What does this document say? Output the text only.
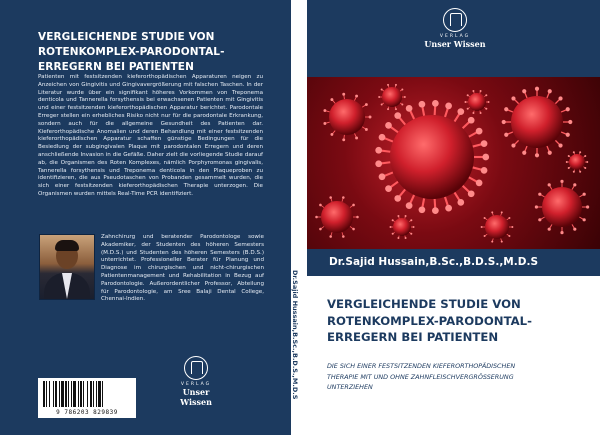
VERGLEICHENDE STUDIE VON
ROTENKOMPLEX-PARODONTAL-
ERREGERN BEI PATIENTEN
Patienten mit festsitzenden kieferorthopädischen Apparaturen neigen zu Anzeichen von Gingivitis und Gingivavergrößerung mit falschen Taschen. In der Literatur wurde über ein signifikant höheres Vorkommen von Treponema denticola und Tannerella forsythensis bei erwachsenen Patienten mit Gingivitis und einer festsitzenden kieferorthopädischen Apparatur berichtet. Parodontale Erreger stellen ein erhebliches Risiko nicht nur für die parodontale Erkrankung, sondern auch für die allgemeine Gesundheit des Patienten dar. Kieferorthopädische Anomalien und deren Behandlung mit einer festsitzenden kieferorthopädischen Apparatur schaffen günstige Bedingungen für die Besiedlung der subgingivalen Plaque mit parodontalen Erregern und deren anschließende Invasion in die Gefäße. Daher zielt die vorliegende Studie darauf ab, die Organismen des Roten Komplexes, nämlich Porphyromonas gingivalis, Tannerella forsythensis und Treponema denticola in den Plaqueproben zu identifizieren, die aus Pseudotaschen von Probanden gesammelt wurden, die sich einer festsitzenden kieferorthopädischen Therapie unterzogen. Die Organismen wurden mittels Real-Time PCR identifiziert.
Zahnchirurg und beratender Parodontologe sowie Akademiker, der Studenten des höheren Semesters (M.D.S.) und Studenten des höheren Semesters (B.D.S.) unterrichtet. Professioneller Berater für Planung und Diagnose im chirurgischen und nicht-chirurgischen Patientenmanagement und Rehabilitation in Bezug auf Parodontologie. Außerordentlicher Professor, Abteilung für Parodontologie, am Sree Balaji Dental College, Chennai-Indien.
VERLAG
Unser Wissen
9 786203 829839
Dr.Sajid Hussain,B.Sc.,B.D.S.,M.D.S
VERLAG
Unser Wissen
Dr.Sajid Hussain,B.Sc.,B.D.S.,M.D.S
VERGLEICHENDE STUDIE VON
ROTENKOMPLEX-PARODONTAL-
ERREGERN BEI PATIENTEN
DIE SICH EINER FESTSITZENDEN KIEFERORTHOPÄDISCHEN
THERAPIE MIT UND OHNE ZAHNFLEISCHVERGRÖSSERUNG
UNTERZIEHEN
